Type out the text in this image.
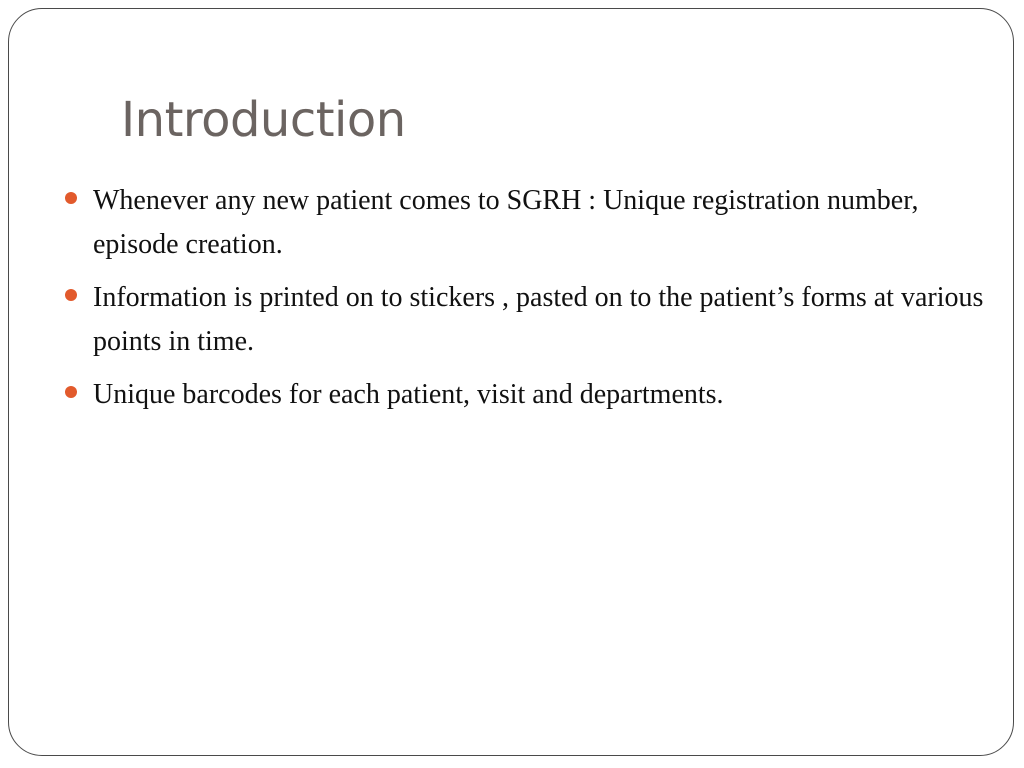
Introduction
Whenever any new patient comes to SGRH : Unique registration number, episode creation.
Information is printed on to stickers , pasted on to the patient’s forms at various points in time.
Unique barcodes for each patient, visit and departments.
